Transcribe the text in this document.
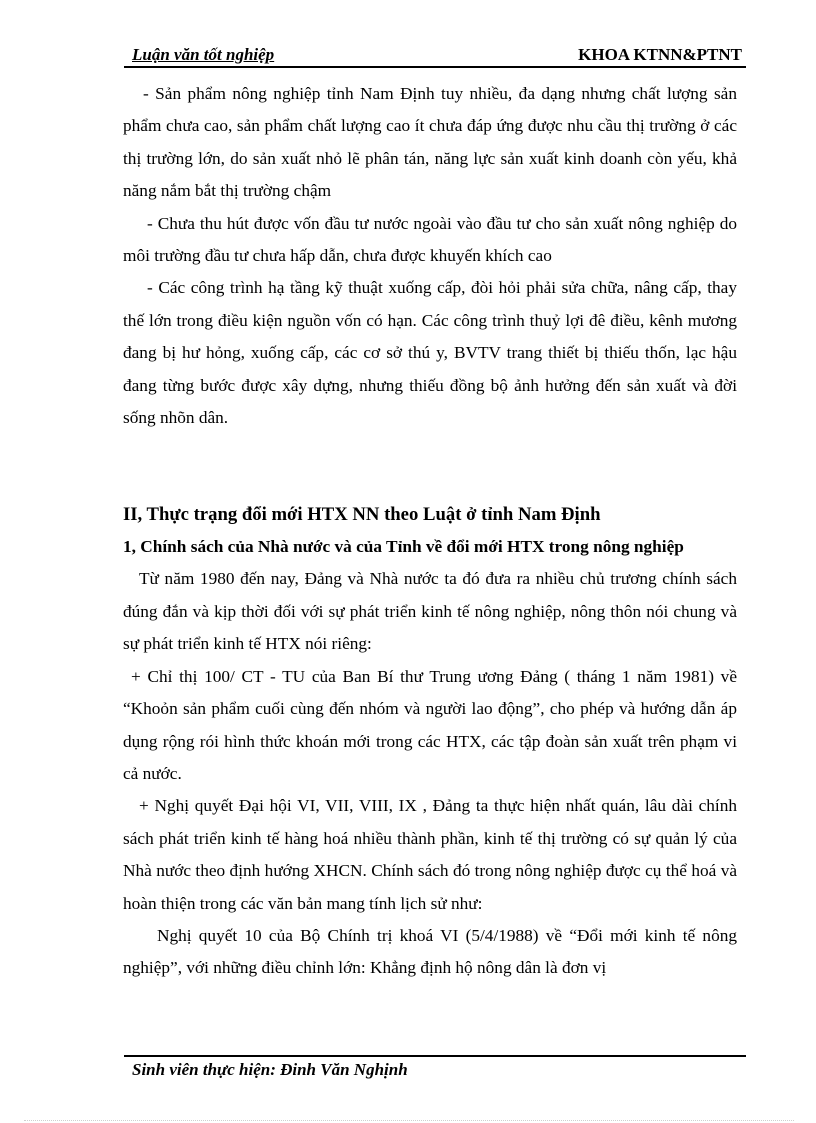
Luận văn tốt nghiệp	KHOA KTNN&PTNT

- Sản phẩm nông nghiệp tỉnh Nam Định tuy nhiều, đa dạng nhưng chất lượng sản phẩm chưa cao, sản phẩm chất lượng cao ít chưa đáp ứng được nhu cầu thị trường ở các thị trường lớn, do sản xuất nhỏ lẽ phân tán, năng lực sản xuất kinh doanh còn yếu, khả năng nắm bắt thị trường chậm

- Chưa thu hút được vốn đầu tư nước ngoài vào đầu tư cho sản xuất nông nghiệp do môi trường đầu tư chưa hấp dẫn, chưa được khuyến khích cao

- Các công trình hạ tầng kỹ thuật xuống cấp, đòi hỏi phải sửa chữa, nâng cấp, thay thế lớn trong điều kiện nguồn vốn có hạn. Các công trình thuỷ lợi đê điều, kênh mương đang bị hư hỏng, xuống cấp, các cơ sở thú y, BVTV trang thiết bị thiếu thốn, lạc hậu đang từng bước được xây dựng, nhưng thiếu đồng bộ ảnh hưởng đến sản xuất và đời sống nhõn dân.

II, Thực trạng đổi mới HTX NN theo Luật ở tỉnh Nam Định

1, Chính sách của Nhà nước và của Tỉnh về đổi mới HTX trong nông nghiệp

Từ năm 1980 đến nay, Đảng và Nhà nước ta đó đưa ra nhiều chủ trương chính sách đúng đắn và kịp thời đối với sự phát triển kinh tế nông nghiệp, nông thôn nói chung và sự phát triển kinh tế HTX nói riêng:

+ Chỉ thị 100/ CT - TU của Ban Bí thư Trung ương Đảng ( tháng 1 năm 1981) về “Khoỏn sản phẩm cuối cùng đến nhóm và người lao động”, cho phép và hướng dẫn áp dụng rộng rói hình thức khoán mới trong các HTX, các tập đoàn sản xuất trên phạm vi cả nước.

+ Nghị quyết Đại hội VI, VII, VIII, IX , Đảng ta thực hiện nhất quán, lâu dài chính sách phát triển kinh tế hàng hoá nhiều thành phần, kinh tế thị trường có sự quản lý của Nhà nước theo định hướng XHCN. Chính sách đó trong nông nghiệp được cụ thể hoá và hoàn thiện trong các văn bản mang tính lịch sử như:

Nghị quyết 10 của Bộ Chính trị khoá VI (5/4/1988) về “Đổi mới kinh tế nông nghiệp”, với những điều chỉnh lớn: Khẳng định hộ nông dân là đơn vị

Sinh viên thực hiện: Đinh Văn Nghịnh
